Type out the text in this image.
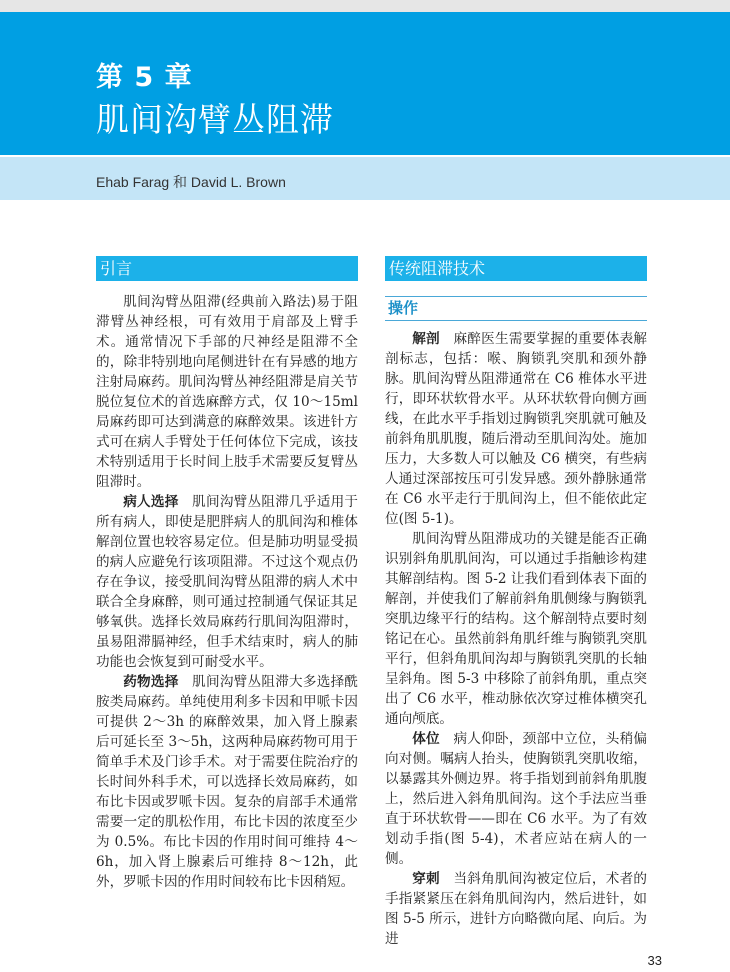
第 5 章
肌间沟臂丛阻滞
Ehab Farag 和 David L. Brown
引言

肌间沟臂丛阻滞(经典前入路法)易于阻滞臂丛神经根，可有效用于肩部及上臂手术。通常情况下手部的尺神经是阻滞不全的，除非特别地向尾侧进针在有异感的地方注射局麻药。肌间沟臂丛神经阻滞是肩关节脱位复位术的首选麻醉方式，仅 10～15ml 局麻药即可达到满意的麻醉效果。该进针方式可在病人手臂处于任何体位下完成，该技术特别适用于长时间上肢手术需要反复臂丛阻滞时。

病人选择 肌间沟臂丛阻滞几乎适用于所有病人，即使是肥胖病人的肌间沟和椎体解剖位置也较容易定位。但是肺功明显受损的病人应避免行该项阻滞。不过这个观点仍存在争议，接受肌间沟臂丛阻滞的病人术中联合全身麻醉，则可通过控制通气保证其足够氧供。选择长效局麻药行肌间沟阻滞时，虽易阻滞膈神经，但手术结束时，病人的肺功能也会恢复到可耐受水平。

药物选择 肌间沟臂丛阻滞大多选择酰胺类局麻药。单纯使用利多卡因和甲哌卡因可提供 2～3h 的麻醉效果，加入肾上腺素后可延长至 3～5h，这两种局麻药物可用于简单手术及门诊手术。对于需要住院治疗的长时间外科手术，可以选择长效局麻药，如布比卡因或罗哌卡因。复杂的肩部手术通常需要一定的肌松作用，布比卡因的浓度至少为 0.5%。布比卡因的作用时间可维持 4～6h，加入肾上腺素后可维持 8～12h，此外，罗哌卡因的作用时间较布比卡因稍短。

传统阻滞技术
操作

解剖 麻醉医生需要掌握的重要体表解剖标志，包括：喉、胸锁乳突肌和颈外静脉。肌间沟臂丛阻滞通常在 C6 椎体水平进行，即环状软骨水平。从环状软骨向侧方画线，在此水平手指划过胸锁乳突肌就可触及前斜角肌肌腹，随后滑动至肌间沟处。施加压力，大多数人可以触及 C6 横突，有些病人通过深部按压可引发异感。颈外静脉通常在 C6 水平走行于肌间沟上，但不能依此定位(图 5-1)。

肌间沟臂丛阻滞成功的关键是能否正确识别斜角肌肌间沟，可以通过手指触诊构建其解剖结构。图 5-2 让我们看到体表下面的解剖，并使我们了解前斜角肌侧缘与胸锁乳突肌边缘平行的结构。这个解剖特点要时刻铭记在心。虽然前斜角肌纤维与胸锁乳突肌平行，但斜角肌间沟却与胸锁乳突肌的长轴呈斜角。图 5-3 中移除了前斜角肌，重点突出了 C6 水平，椎动脉依次穿过椎体横突孔通向颅底。

体位 病人仰卧，颈部中立位，头稍偏向对侧。嘱病人抬头，使胸锁乳突肌收缩，以暴露其外侧边界。将手指划到前斜角肌腹上，然后进入斜角肌间沟。这个手法应当垂直于环状软骨——即在 C6 水平。为了有效划动手指(图 5-4)，术者应站在病人的一侧。

穿刺 当斜角肌间沟被定位后，术者的手指紧紧压在斜角肌间沟内，然后进针，如图 5-5 所示，进针方向略微向尾、向后。为进

33
